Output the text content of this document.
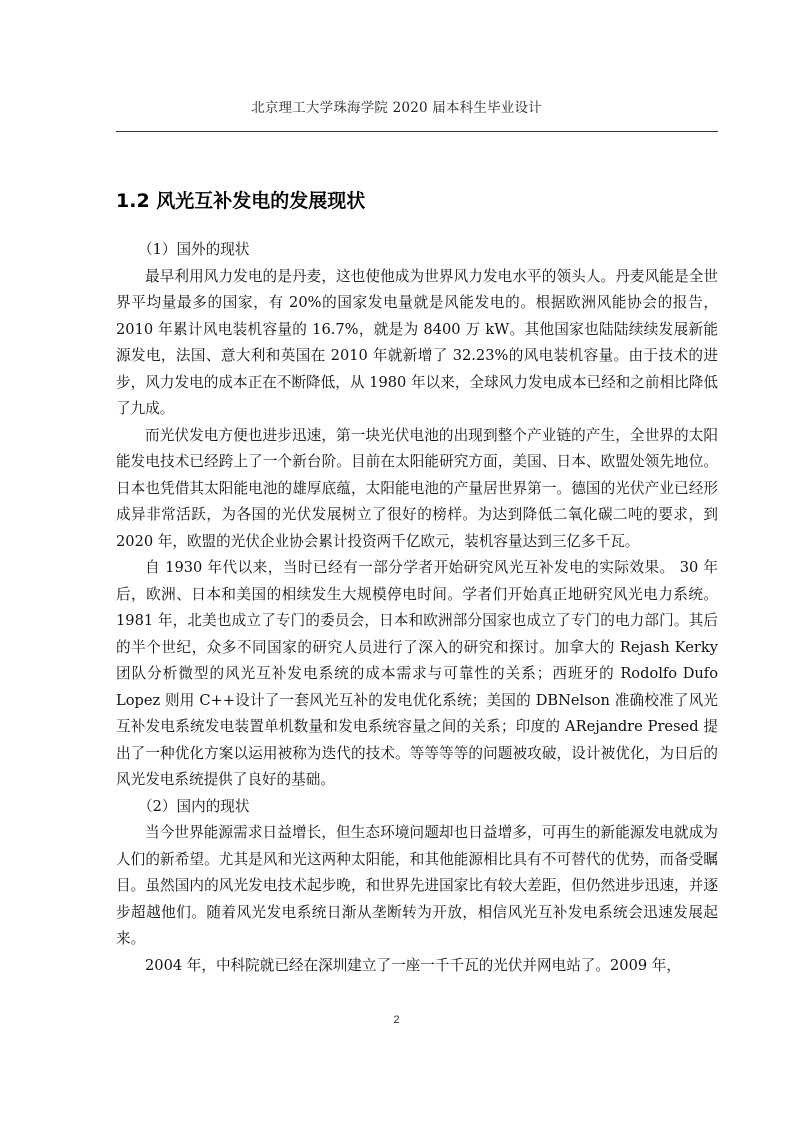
北京理工大学珠海学院 2020 届本科生毕业设计
1.2 风光互补发电的发展现状

（1）国外的现状

最早利用风力发电的是丹麦，这也使他成为世界风力发电水平的领头人。丹麦风能是全世界平均量最多的国家，有 20%的国家发电量就是风能发电的。根据欧洲风能协会的报告，2010 年累计风电装机容量的 16.7%，就是为 8400 万 kW。其他国家也陆陆续续发展新能源发电，法国、意大利和英国在 2010 年就新增了 32.23%的风电装机容量。由于技术的进步，风力发电的成本正在不断降低，从 1980 年以来，全球风力发电成本已经和之前相比降低了九成。

而光伏发电方便也进步迅速，第一块光伏电池的出现到整个产业链的产生，全世界的太阳能发电技术已经跨上了一个新台阶。目前在太阳能研究方面，美国、日本、欧盟处领先地位。日本也凭借其太阳能电池的雄厚底蕴，太阳能电池的产量居世界第一。德国的光伏产业已经形成异非常活跃，为各国的光伏发展树立了很好的榜样。为达到降低二氧化碳二吨的要求，到 2020 年，欧盟的光伏企业协会累计投资两千亿欧元，装机容量达到三亿多千瓦。

自 1930 年代以来，当时已经有一部分学者开始研究风光互补发电的实际效果。 30 年后，欧洲、日本和美国的相续发生大规模停电时间。学者们开始真正地研究风光电力系统。1981 年，北美也成立了专门的委员会，日本和欧洲部分国家也成立了专门的电力部门。其后的半个世纪，众多不同国家的研究人员进行了深入的研究和探讨。加拿大的 Rejash Kerky 团队分析微型的风光互补发电系统的成本需求与可靠性的关系；西班牙的 Rodolfo Dufo Lopez 则用 C++设计了一套风光互补的发电优化系统；美国的 DBNelson 准确校准了风光互补发电系统发电装置单机数量和发电系统容量之间的关系；印度的 ARejandre Presed 提出了一种优化方案以运用被称为迭代的技术。等等等等的问题被攻破，设计被优化，为日后的风光发电系统提供了良好的基础。

（2）国内的现状

当今世界能源需求日益增长，但生态环境问题却也日益增多，可再生的新能源发电就成为人们的新希望。尤其是风和光这两种太阳能，和其他能源相比具有不可替代的优势，而备受瞩目。虽然国内的风光发电技术起步晚，和世界先进国家比有较大差距，但仍然进步迅速，并逐步超越他们。随着风光发电系统日渐从垄断转为开放，相信风光互补发电系统会迅速发展起来。

2004 年，中科院就已经在深圳建立了一座一千千瓦的光伏并网电站了。2009 年，

2
